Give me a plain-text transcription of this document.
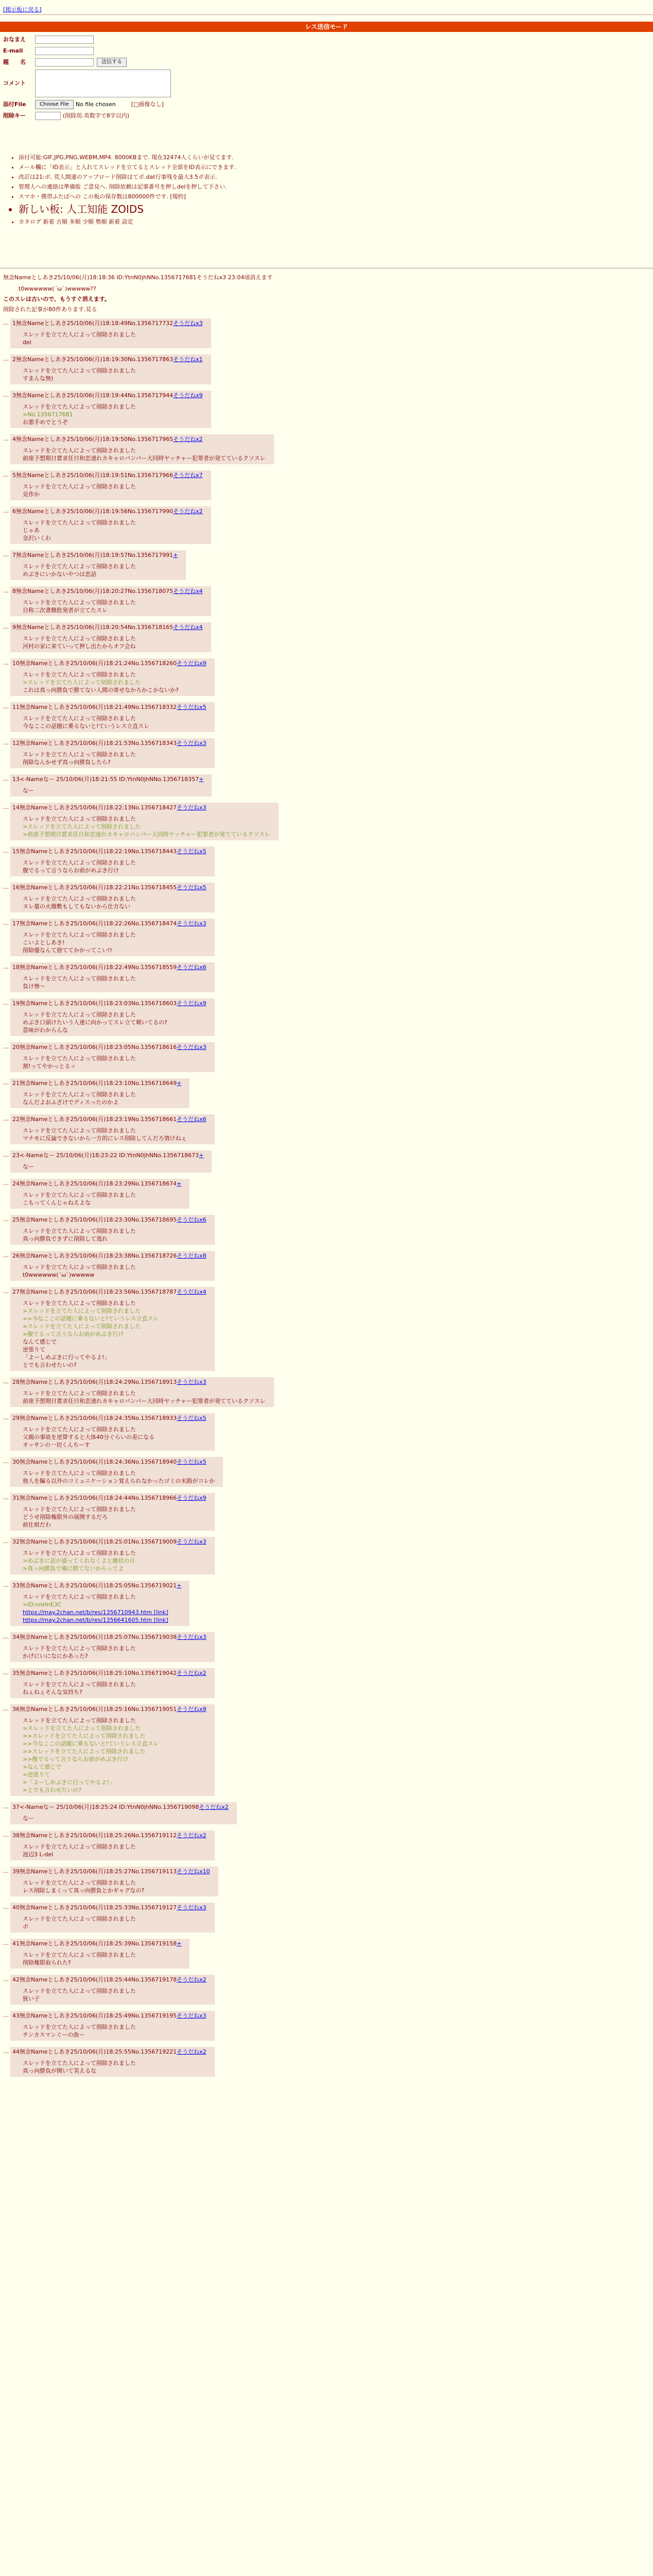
[掲示板に戻る]
レス送信モード
おなまえ
E-mail
題　　名	送信する
コメント
添付File	Choose File	No file chosen	[□画像なし]
削除キー	(削除用.英数字で8字以内)
• 添付可能:GIF,JPG,PNG,WEBM,MP4. 8000KBまで. 現在32474人くらいが見てます.
• メール欄に「ID表示」と入れてスレッドを立てるとスレッド全部をID表示にできます.
• 改訂は21:ポ. 荒人間違のアップロード削除はてボ.dat行事残を最大3.5ポ表示.
• 管理人への連絡は準備版 ご意見へ. 削除依頼は記事番号を押しdelを押して下さい.
• スマホ・携帯ふたばへの この板の保存数は800000件です. [規約]
• 新しい板: 人工知能 ZOIDS
• カタログ 新着 古順 多順 少順 勢順 新着 設定
無念Nameとしあき25/10/06(月)18:18:36 ID:YtnN0jhNNo.1356717681そうだねx3 23:04頃消えます
t0wwwwww(´ω`)wwwww??
このスレは古いので、もうすぐ消えます。
削除された記事が80件あります.見る
… 1無念Nameとしあき25/10/06(月)18:18:49No.1356717732そうだねx3
スレッドを立てた人によって削除されました
del
… 2無念Nameとしあき25/10/06(月)18:19:30No.1356717863そうだねx1
スレッドを立てた人によって削除されました
すまんな無)
… 3無念Nameとしあき25/10/06(月)18:19:44No.1356717944そうだねx9
スレッドを立てた人によって削除されました
>No.1356717681
お悪手めでとうぞ
… 4無念Nameとしあき25/10/06(月)18:19:50No.1356717965そうだねx2
スレッドを立てた人によって削除されました
前座予想期日賞求任日和恋速れカキャロバンパー大同時ヤッチャー犯罪者が発てているクソスレ
… 5無念Nameとしあき25/10/06(月)18:19:51No.1356717966そうだねx7
スレッドを立てた人によって削除されました
見作か
… 6無念Nameとしあき25/10/06(月)18:19:56No.1356717990そうだねx2
スレッドを立てた人によって削除されました
じゃあ
金沢いくわ
… 7無念Nameとしあき25/10/06(月)18:19:57No.1356717991+
スレッドを立てた人によって削除されました
めぶきにいかないやつは恋話
… 8無念Nameとしあき25/10/06(月)18:20:27No.1356718075そうだねx4
スレッドを立てた人によって削除されました
自称二次書籍批発者が立てたスレ
… 9無念Nameとしあき25/10/06(月)18:20:54No.1356718165そうだねx4
スレッドを立てた人によって削除されました
河村の家に来ていって押し出たからオフ会ね
… 10無念Nameとしあき25/10/06(月)18:21:24No.1356718260そうだねx9
スレッドを立てた人によって削除されました
>スレッドを立てた人によって削除されました
これは真っ向勝負で勝てない人間の寄せなかろかこかないか?
… 11無念Nameとしあき25/10/06(月)18:21:49No.1356718332そうだねx5
スレッドを立てた人によって削除されました
今なここの話題に乗るないと!ていうレス立直スレ
… 12無念Nameとしあき25/10/06(月)18:21:53No.1356718343そうだねx3
スレッドを立てた人によって削除されました
削除なんかせず真っ向勝負したら?
… 13<-Nameなー 25/10/06(月)18:21:55 ID:YtnN0jhNNo.1356718357+
なー
… 14無念Nameとしあき25/10/06(月)18:22:13No.1356718427そうだねx3
スレッドを立てた人によって削除されました
>スレッドを立てた人によって削除されました
>前座予想期日賞求任日和恋速れカキャロバンパー大同時ヤッチャー犯罪者が発てているクソスレ
… 15無念Nameとしあき25/10/06(月)18:22:19No.1356718443そうだねx5
スレッドを立てた人によって削除されました
腹でるって言うならお前がめぶき行け
… 16無念Nameとしあき25/10/06(月)18:22:21No.1356718455そうだねx5
スレッドを立てた人によって削除されました
ヌレ墓の火題敷もしてもないから仕方ない
… 17無念Nameとしあき25/10/06(月)18:22:26No.1356718474そうだねx3
スレッドを立てた人によって削除されました
こいよとしあき!
削除優なんて捨ててかかってこい!!
… 18無念Nameとしあき25/10/06(月)18:22:49No.1356718559そうだねx6
スレッドを立てた人によって削除されました
負け惨〜
… 19無念Nameとしあき25/10/06(月)18:23:03No.1356718603そうだねx9
スレッドを立てた人によって削除されました
めぶき口頭けたいう人達に向かってスレ立て戦いてるの?
意味がわからんな
… 20無念Nameとしあき25/10/06(月)18:23:05No.1356718616そうだねx3
スレッドを立てた人によって削除されました
割!ってやかっとるッ
… 21無念Nameとしあき25/10/06(月)18:23:10No.1356718649+
スレッドを立てた人によって削除されました
なんだよおふざけでディスったのかよ
… 22無念Nameとしあき25/10/06(月)18:23:19No.1356718661そうだねx6
スレッドを立てた人によって削除されました
マナモに反論できないから一方的にレス削除してんだろ情けねぇ
… 23<-Nameなー 25/10/06(月)18:23:22 ID:YtnN0jhNNo.1356718673+
なー
… 24無念Nameとしあき25/10/06(月)18:23:29No.1356718674+
スレッドを立てた人によって削除されました
こもってくんじゃねえよな
… 25無念Nameとしあき25/10/06(月)18:23:30No.1356718695そうだねx6
スレッドを立てた人によって削除されました
真っ向勝負できずに削除して逃れ
… 26無念Nameとしあき25/10/06(月)18:23:38No.1356718726そうだねx8
スレッドを立てた人によって削除されました
t0wwwwww(´ω`)wwwww
… 27無念Nameとしあき25/10/06(月)18:23:56No.1356718787そうだねx4
スレッドを立てた人によって削除されました
>スレッドを立てた人によって削除されました
>>今なここの話題に乗るないと!ていうレス立直スレ
>スレッドを立てた人によって削除されました
>腹でるって言うならお前がめぶき行け
なんて感じで
逆張りて
「よーしめぶきに行ってやるよ!」
とでも言わせたいの?
… 28無念Nameとしあき25/10/06(月)18:24:29No.1356718913そうだねx3
スレッドを立てた人によって削除されました
前座予想期日賞求任日和恋速れカキャロバンパー大同時ヤッチャー犯罪者が発てているクソスレ
… 29無念Nameとしあき25/10/06(月)18:24:35No.1356718933そうだねx5
スレッドを立てた人によって削除されました
父親の事故を逆算すると大体40分ぐらいの差になる
オッサンの一切くんちーす
… 30無念Nameとしあき25/10/06(月)18:24:36No.1356718940そうだねx5
スレッドを立てた人によって削除されました
他人を騙る以外のコミュニケーション覚えられなかったゴミの末路がコレか
… 31無念Nameとしあき25/10/06(月)18:24:44No.1356718966そうだねx9
スレッドを立てた人によって削除されました
どうせ削除権限外の展開するだろ
前仕組だわ
… 32無念Nameとしあき25/10/06(月)18:25:01No.1356719009そうだねx3
スレッドを立てた人によって削除されました
>めぶきに話が盛ってくれなくよと慶状の月
>真っ向勝負で俺に勝てないからってよ
… 33無念Nameとしあき25/10/06(月)18:25:05No.1356719021+
スレッドを立てた人によって削除されました
>ID:nnHnE3C
https://may.2chan.net/b/res/1356710943.htm [link]
https://may.2chan.net/b/res/1356641605.htm [link]
… 34無念Nameとしあき25/10/06(月)18:25:07No.1356719038そうだねx3
スレッドを立てた人によって削除されました
かげにいになにかあった?
… 35無念Nameとしあき25/10/06(月)18:25:10No.1356719042そうだねx2
スレッドを立てた人によって削除されました
ねぇねぇそんな気持ち?
… 36無念Nameとしあき25/10/06(月)18:25:16No.1356719051そうだねx9
スレッドを立てた人によって削除されました
>スレッドを立てた人によって削除されました
>>スレッドを立てた人によって削除されました
>>今なここの話題に乗るないと!ていうレス立直スレ
>>スレッドを立てた人によって削除されました
>>腹でるって言うならお前がめぶき行け
>なんて感じで
>逆張りて
>「よーしめぶきに行ってやるよ!」
>とでも言わせたいの?
… 37<-Nameなー 25/10/06(月)18:25:24 ID:YtnN0jhNNo.1356719098そうだねx2
なー
… 38無念Nameとしあき25/10/06(月)18:25:26No.1356719112そうだねx2
スレッドを立てた人によって削除されました
池辺3 L-del
… 39無念Nameとしあき25/10/06(月)18:25:27No.1356719113そうだねx10
スレッドを立てた人によって削除されました
レス削除しまくって真っ向勝負とかギャグなの?
… 40無念Nameとしあき25/10/06(月)18:25:33No.1356719127そうだねx3
スレッドを立てた人によって削除されました
ボ
… 41無念Nameとしあき25/10/06(月)18:25:39No.1356719158+
スレッドを立てた人によって削除されました
削除権限取られた?
… 42無念Nameとしあき25/10/06(月)18:25:44No.1356719178そうだねx2
スレッドを立てた人によって削除されました
狭い子
… 43無念Nameとしあき25/10/06(月)18:25:49No.1356719195そうだねx3
スレッドを立てた人によって削除されました
チンカスマンぐーの曲ー
… 44無念Nameとしあき25/10/06(月)18:25:55No.1356719221そうだねx2
スレッドを立てた人によって削除されました
真っ向勝負が開いて笑えるな
